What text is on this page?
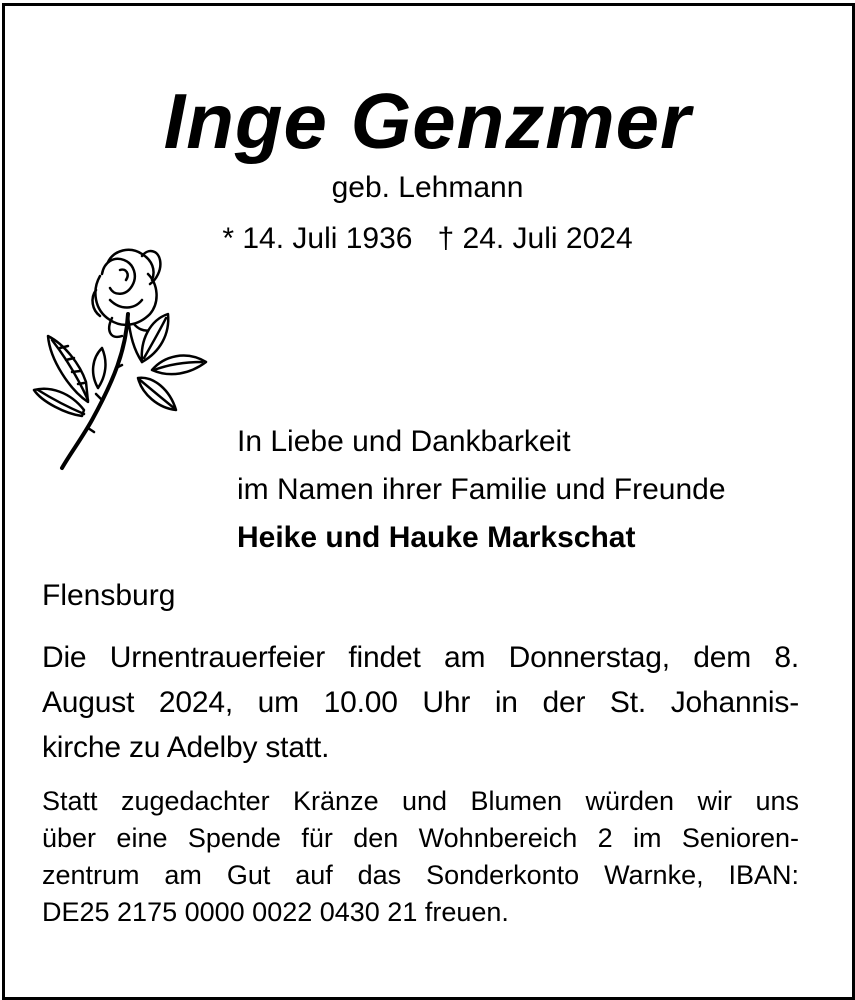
Inge Genzmer
geb. Lehmann
* 14. Juli 1936   † 24. Juli 2024
In Liebe und Dankbarkeit
im Namen ihrer Familie und Freunde
Heike und Hauke Markschat
Flensburg
Die Urnentrauerfeier findet am Donnerstag, dem 8.
August 2024, um 10.00 Uhr in der St. Johannis-
kirche zu Adelby statt.
Statt zugedachter Kränze und Blumen würden wir uns
über eine Spende für den Wohnbereich 2 im Senioren-
zentrum am Gut auf das Sonderkonto Warnke, IBAN:
DE25 2175 0000 0022 0430 21 freuen.
